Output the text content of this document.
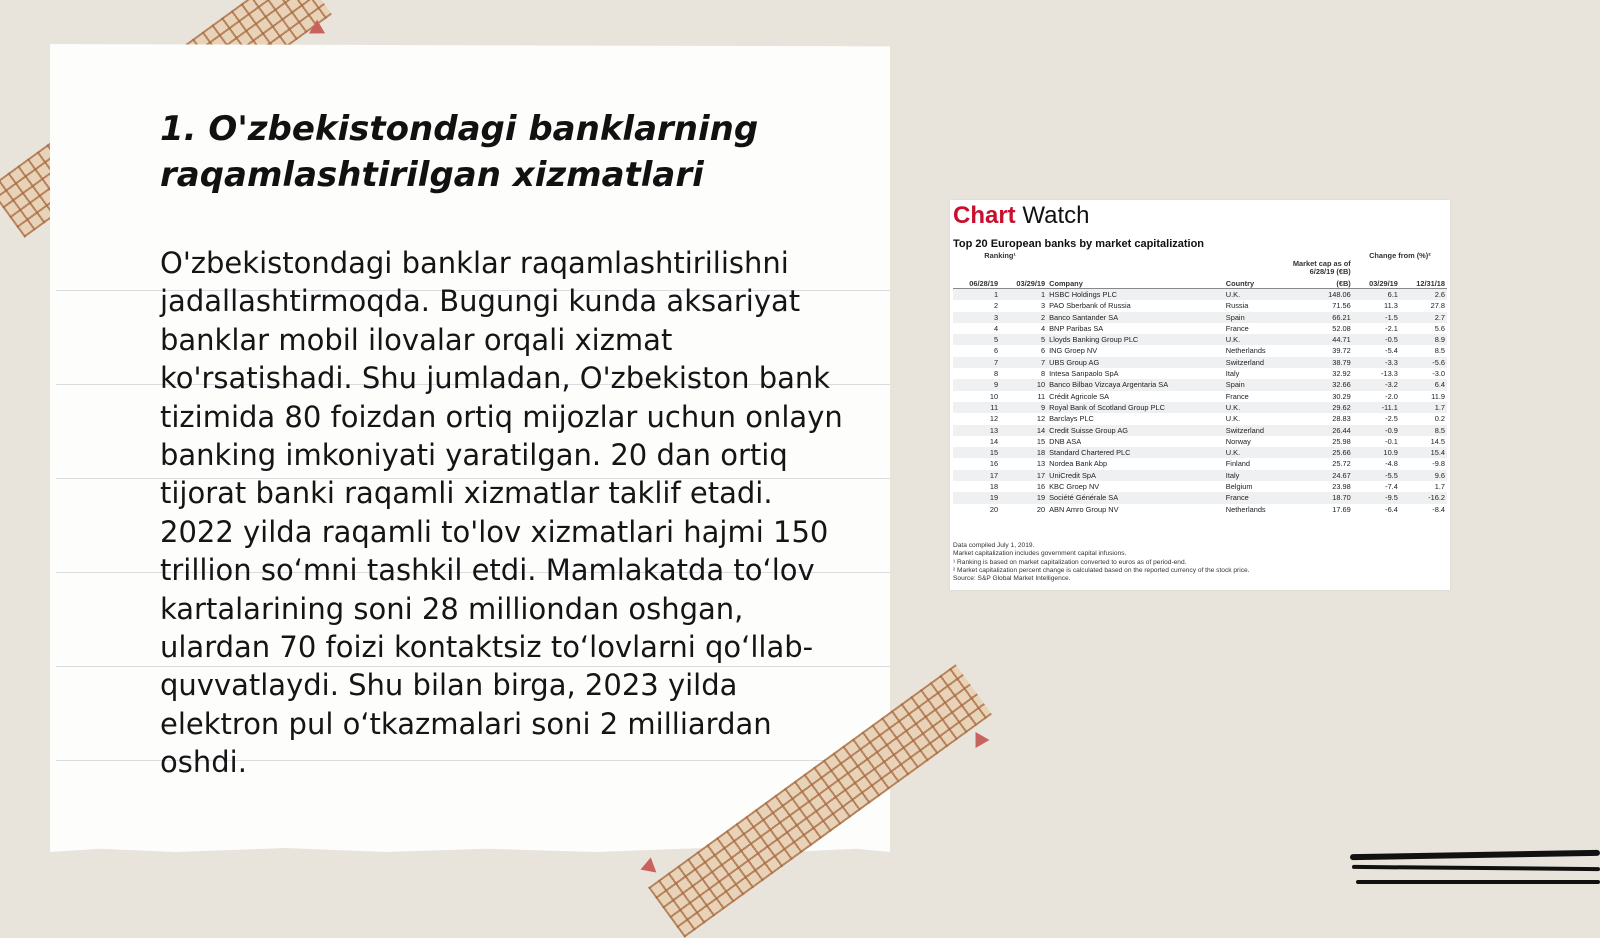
1. O'zbekistondagi banklarning raqamlashtirilgan xizmatlari

O'zbekistondagi banklar raqamlashtirilishni jadallashtirmoqda. Bugungi kunda aksariyat banklar mobil ilovalar orqali xizmat ko'rsatishadi. Shu jumladan, O'zbekiston bank tizimida 80 foizdan ortiq mijozlar uchun onlayn banking imkoniyati yaratilgan. 20 dan ortiq tijorat banki raqamli xizmatlar taklif etadi. 2022 yilda raqamli to'lov xizmatlari hajmi 150 trillion so‘mni tashkil etdi. Mamlakatda to‘lov kartalarining soni 28 milliondan oshgan, ulardan 70 foizi kontaktsiz to‘lovlarni qo‘llab-quvvatlaydi. Shu bilan birga, 2023 yilda elektron pul o‘tkazmalari soni 2 milliardan oshdi.

Chart Watch
Top 20 European banks by market capitalization
Ranking¹					Change from (%)²	
				Market cap as of 6/28/19 (€B)		
06/28/19	03/29/19	Company	Country	(€B)	03/29/19	12/31/18
1	1	HSBC Holdings PLC	U.K.	148.06	6.1	2.6
2	3	PAO Sberbank of Russia	Russia	71.56	11.3	27.8
3	2	Banco Santander SA	Spain	66.21	-1.5	2.7
4	4	BNP Paribas SA	France	52.08	-2.1	5.6
5	5	Lloyds Banking Group PLC	U.K.	44.71	-0.5	8.9
6	6	ING Groep NV	Netherlands	39.72	-5.4	8.5
7	7	UBS Group AG	Switzerland	38.79	-3.3	-5.6
8	8	Intesa Sanpaolo SpA	Italy	32.92	-13.3	-3.0
9	10	Banco Bilbao Vizcaya Argentaria SA	Spain	32.66	-3.2	6.4
10	11	Crédit Agricole SA	France	30.29	-2.0	11.9
11	9	Royal Bank of Scotland Group PLC	U.K.	29.62	-11.1	1.7
12	12	Barclays PLC	U.K.	28.83	-2.5	0.2
13	14	Credit Suisse Group AG	Switzerland	26.44	-0.9	8.5
14	15	DNB ASA	Norway	25.98	-0.1	14.5
15	18	Standard Chartered PLC	U.K.	25.66	10.9	15.4
16	13	Nordea Bank Abp	Finland	25.72	-4.8	-9.8
17	17	UniCredit SpA	Italy	24.67	-5.5	9.6
18	16	KBC Groep NV	Belgium	23.98	-7.4	1.7
19	19	Société Générale SA	France	18.70	-9.5	-16.2
20	20	ABN Amro Group NV	Netherlands	17.69	-6.4	-8.4
Data compiled July 1, 2019.
Market capitalization includes government capital infusions.
¹ Ranking is based on market capitalization converted to euros as of period-end.
² Market capitalization percent change is calculated based on the reported currency of the stock price.
Source: S&P Global Market Intelligence.
